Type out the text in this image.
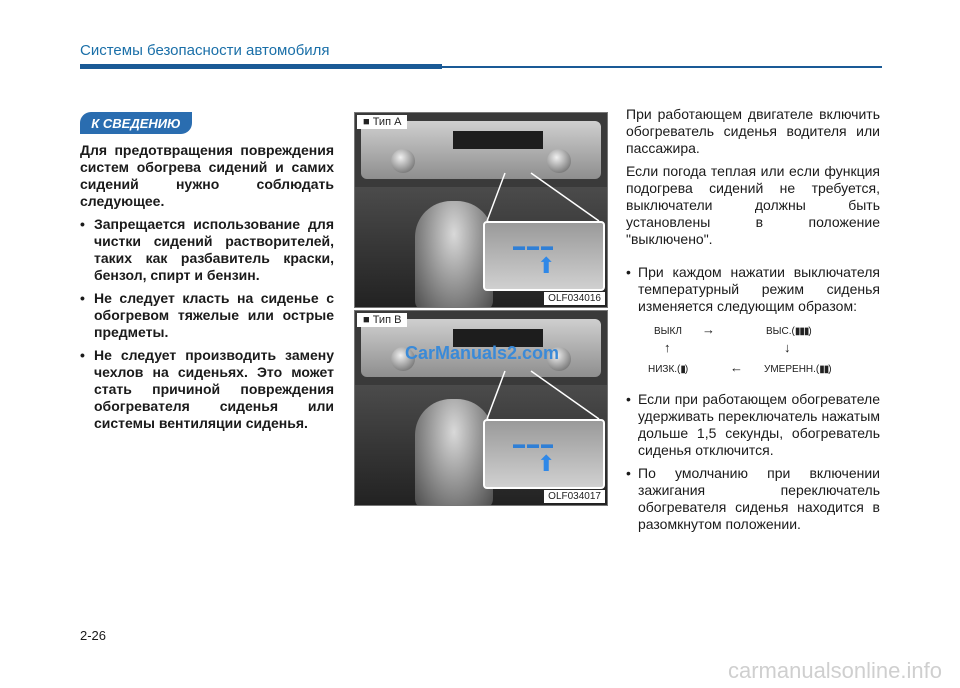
Системы безопасности автомобиля
К СВЕДЕНИЮ

Для предотвращения повреждения систем обогрева сидений и самих сидений нужно соблюдать следующее.

• Запрещается использование для чистки сидений растворителей, таких как разбавитель краски, бензол, спирт и бензин.
• Не следует класть на сиденье с обогревом тяжелые или острые предметы.
• Не следует производить замену чехлов на сиденьях. Это может стать причиной повреждения обогревателя сиденья или системы вентиляции сиденья.
▬▬▬
⬆
■ Тип A
OLF034016
▬▬▬
⬆
CarManuals2.com
■ Тип B
OLF034017

При работающем двигателе включить обогреватель сиденья водителя или пассажира.

Если погода теплая или если функция подогрева сидений не требуется, выключатели должны быть установлены в положение "выключено".

• При каждом нажатии выключателя температурный режим сиденья изменяется следующим образом:
ВЫКЛ →	ВЫС.(▮▮▮)
↑	↓
НИЗК.(▮)	← УМЕРЕНН.(▮▮)
• Если при работающем обогревателе удерживать переключатель нажатым дольше 1,5 секунды, обогреватель сиденья отключится.
• По умолчанию при включении зажигания переключатель обогревателя сиденья находится в разомкнутом положении.
2-26
carmanualsonline.info
